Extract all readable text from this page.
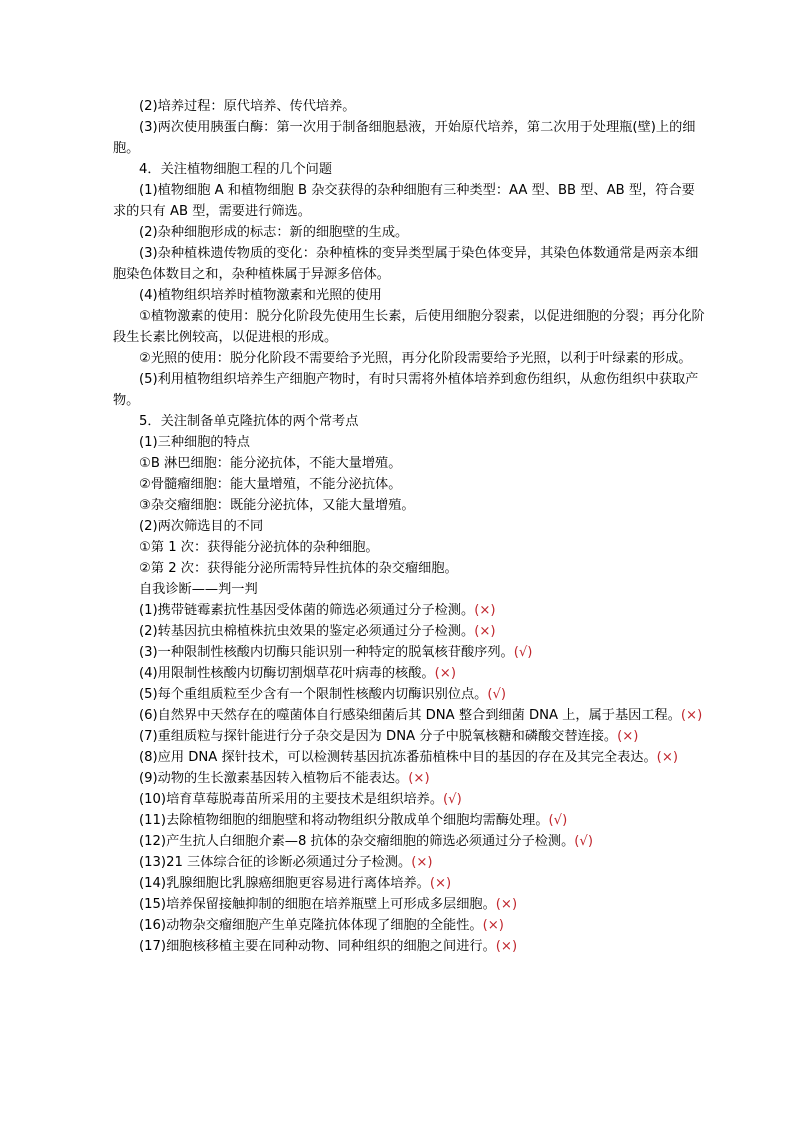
(2)培养过程：原代培养、传代培养。

(3)两次使用胰蛋白酶：第一次用于制备细胞悬液，开始原代培养，第二次用于处理瓶(壁)上的细胞。

4．关注植物细胞工程的几个问题

(1)植物细胞 A 和植物细胞 B 杂交获得的杂种细胞有三种类型：AA 型、BB 型、AB 型，符合要求的只有 AB 型，需要进行筛选。

(2)杂种细胞形成的标志：新的细胞壁的生成。

(3)杂种植株遗传物质的变化：杂种植株的变异类型属于染色体变异，其染色体数通常是两亲本细胞染色体数目之和，杂种植株属于异源多倍体。

(4)植物组织培养时植物激素和光照的使用

①植物激素的使用：脱分化阶段先使用生长素，后使用细胞分裂素，以促进细胞的分裂；再分化阶段生长素比例较高，以促进根的形成。

②光照的使用：脱分化阶段不需要给予光照，再分化阶段需要给予光照，以利于叶绿素的形成。

(5)利用植物组织培养生产细胞产物时，有时只需将外植体培养到愈伤组织，从愈伤组织中获取产物。

5．关注制备单克隆抗体的两个常考点

(1)三种细胞的特点

①B 淋巴细胞：能分泌抗体，不能大量增殖。

②骨髓瘤细胞：能大量增殖，不能分泌抗体。

③杂交瘤细胞：既能分泌抗体，又能大量增殖。

(2)两次筛选目的不同

①第 1 次：获得能分泌抗体的杂种细胞。

②第 2 次：获得能分泌所需特异性抗体的杂交瘤细胞。

自我诊断——判一判

(1)携带链霉素抗性基因受体菌的筛选必须通过分子检测。(×)

(2)转基因抗虫棉植株抗虫效果的鉴定必须通过分子检测。(×)

(3)一种限制性核酸内切酶只能识别一种特定的脱氧核苷酸序列。(√)

(4)用限制性核酸内切酶切割烟草花叶病毒的核酸。(×)

(5)每个重组质粒至少含有一个限制性核酸内切酶识别位点。(√)

(6)自然界中天然存在的噬菌体自行感染细菌后其 DNA 整合到细菌 DNA 上，属于基因工程。(×)

(7)重组质粒与探针能进行分子杂交是因为 DNA 分子中脱氧核糖和磷酸交替连接。(×)

(8)应用 DNA 探针技术，可以检测转基因抗冻番茄植株中目的基因的存在及其完全表达。(×)

(9)动物的生长激素基因转入植物后不能表达。(×)

(10)培育草莓脱毒苗所采用的主要技术是组织培养。(√)

(11)去除植物细胞的细胞壁和将动物组织分散成单个细胞均需酶处理。(√)

(12)产生抗人白细胞介素—8 抗体的杂交瘤细胞的筛选必须通过分子检测。(√)

(13)21 三体综合征的诊断必须通过分子检测。(×)

(14)乳腺细胞比乳腺癌细胞更容易进行离体培养。(×)

(15)培养保留接触抑制的细胞在培养瓶壁上可形成多层细胞。(×)

(16)动物杂交瘤细胞产生单克隆抗体体现了细胞的全能性。(×)

(17)细胞核移植主要在同种动物、同种组织的细胞之间进行。(×)
